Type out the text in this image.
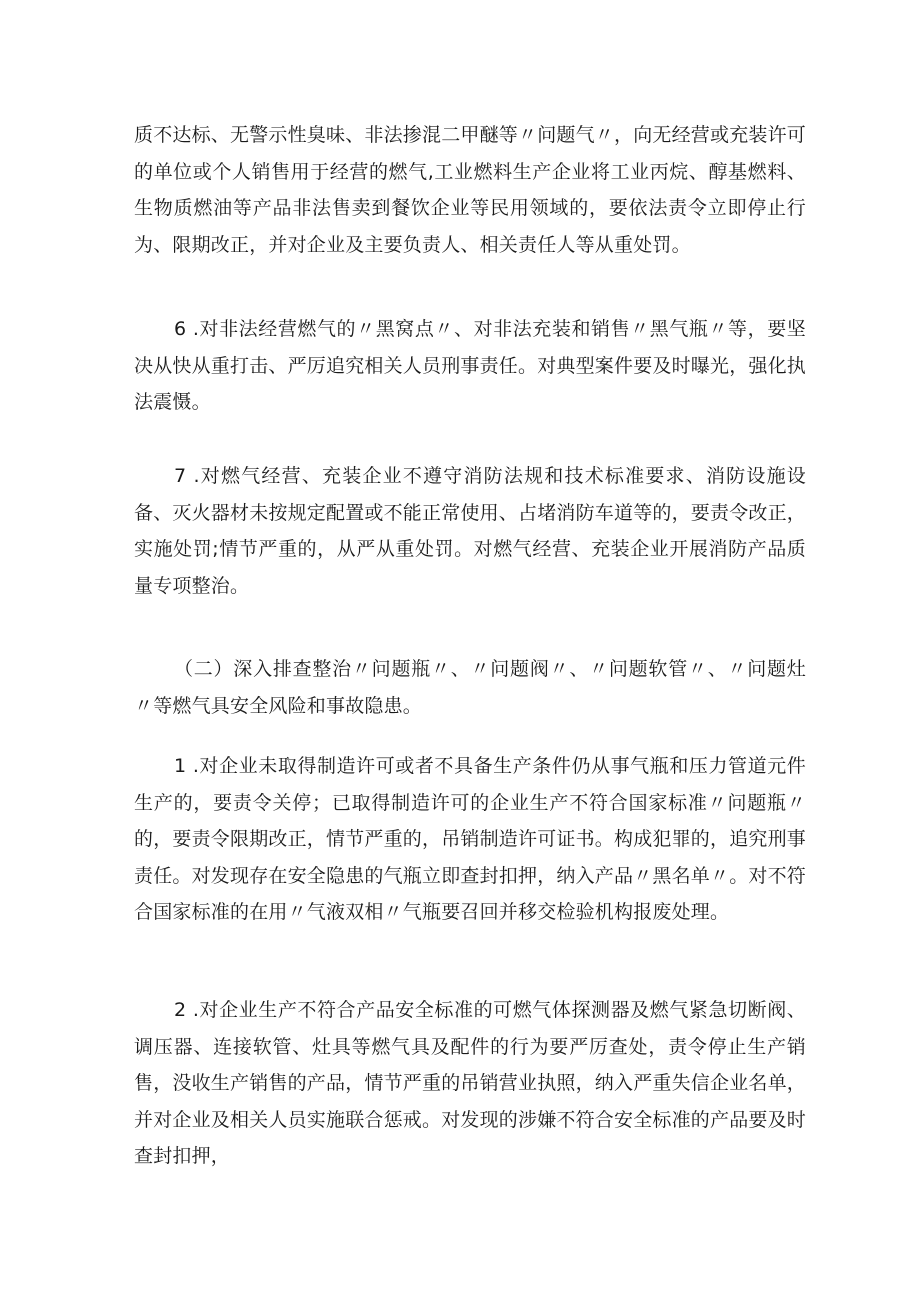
质不达标、无警示性臭味、非法掺混二甲醚等〃问题气〃，向无经营或充装许可的单位或个人销售用于经营的燃气,工业燃料生产企业将工业丙烷、醇基燃料、生物质燃油等产品非法售卖到餐饮企业等民用领域的，要依法责令立即停止行为、限期改正，并对企业及主要负责人、相关责任人等从重处罚。

6 .对非法经营燃气的〃黑窝点〃、对非法充装和销售〃黑气瓶〃等，要坚决从快从重打击、严厉追究相关人员刑事责任。对典型案件要及时曝光，强化执法震慑。

7 .对燃气经营、充装企业不遵守消防法规和技术标准要求、消防设施设备、灭火器材未按规定配置或不能正常使用、占堵消防车道等的，要责令改正，实施处罚;情节严重的，从严从重处罚。对燃气经营、充装企业开展消防产品质量专项整治。

（二）深入排查整治〃问题瓶〃、〃问题阀〃、〃问题软管〃、〃问题灶〃等燃气具安全风险和事故隐患。

1 .对企业未取得制造许可或者不具备生产条件仍从事气瓶和压力管道元件生产的，要责令关停；已取得制造许可的企业生产不符合国家标准〃问题瓶〃的，要责令限期改正，情节严重的，吊销制造许可证书。构成犯罪的，追究刑事责任。对发现存在安全隐患的气瓶立即查封扣押，纳入产品〃黑名单〃。对不符合国家标准的在用〃气液双相〃气瓶要召回并移交检验机构报废处理。

2 .对企业生产不符合产品安全标准的可燃气体探测器及燃气紧急切断阀、调压器、连接软管、灶具等燃气具及配件的行为要严厉查处，责令停止生产销售，没收生产销售的产品，情节严重的吊销营业执照，纳入严重失信企业名单，并对企业及相关人员实施联合惩戒。对发现的涉嫌不符合安全标准的产品要及时查封扣押，
